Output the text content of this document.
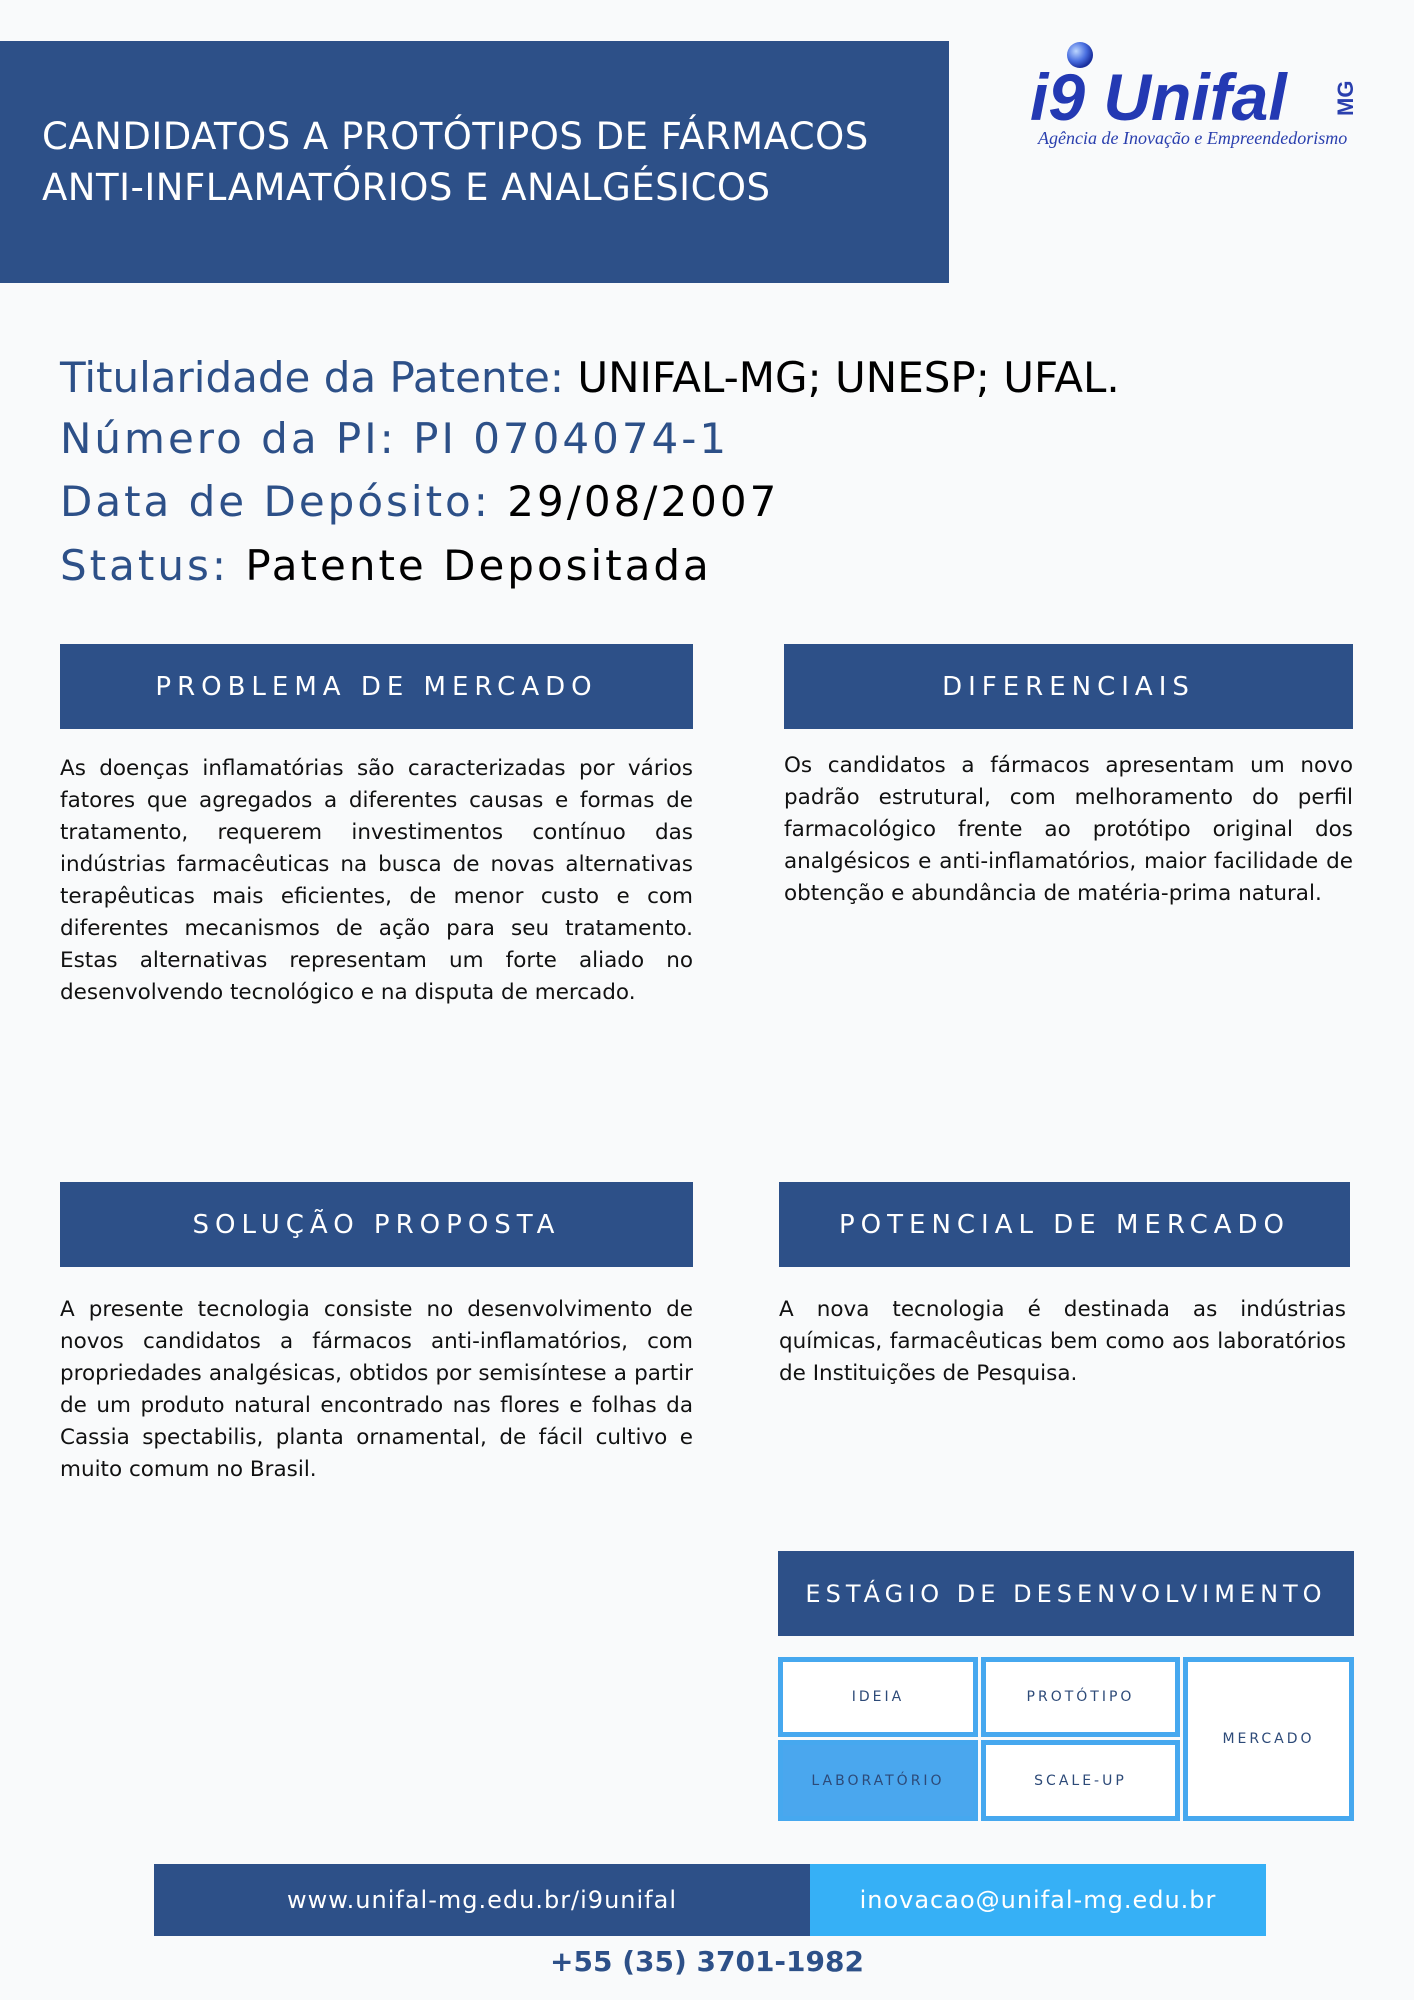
CANDIDATOS A PROTÓTIPOS DE FÁRMACOS
ANTI-INFLAMATÓRIOS E ANALGÉSICOS
i9 Unifal MG
Agência de Inovação e Empreendedorismo
Titularidade da Patente: UNIFAL-MG; UNESP; UFAL.
Número da PI: PI 0704074-1
Data de Depósito: 29/08/2007
Status: Patente Depositada
PROBLEMA DE MERCADO
As doenças inflamatórias são caracterizadas por vários fatores que agregados a diferentes causas e formas de tratamento, requerem investimentos contínuo das indústrias farmacêuticas na busca de novas alternativas terapêuticas mais eficientes, de menor custo e com diferentes mecanismos de ação para seu tratamento. Estas alternativas representam um forte aliado no desenvolvendo tecnológico e na disputa de mercado.
DIFERENCIAIS
Os candidatos a fármacos apresentam um novo padrão estrutural, com melhoramento do perfil farmacológico frente ao protótipo original dos analgésicos e anti-inflamatórios, maior facilidade de obtenção e abundância de matéria-prima natural.
SOLUÇÃO PROPOSTA
A presente tecnologia consiste no desenvolvimento de novos candidatos a fármacos anti-inflamatórios, com propriedades analgésicas, obtidos por semisíntese a partir de um produto natural encontrado nas flores e folhas da Cassia spectabilis, planta ornamental, de fácil cultivo e muito comum no Brasil.
POTENCIAL DE MERCADO
A nova tecnologia é destinada as indústrias químicas, farmacêuticas bem como aos laboratórios de Instituições de Pesquisa.
ESTÁGIO DE DESENVOLVIMENTO
IDEIA	PROTÓTIPO
MERCADO
LABORATÓRIO	SCALE-UP
www.unifal-mg.edu.br/i9unifal	inovacao@unifal-mg.edu.br
+55 (35) 3701-1982
